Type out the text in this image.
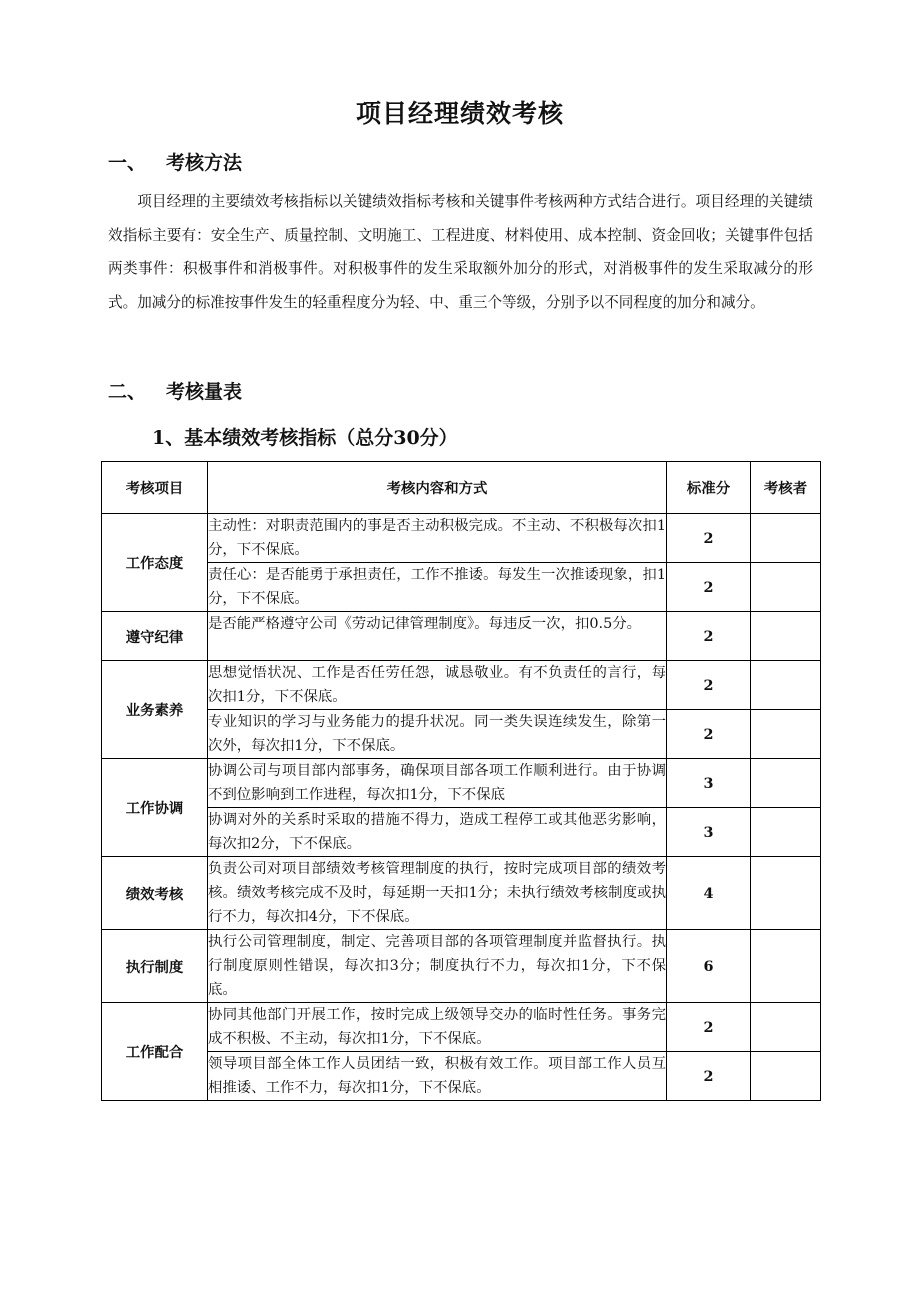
项目经理绩效考核
一、 考核方法

项目经理的主要绩效考核指标以关键绩效指标考核和关键事件考核两种方式结合进行。项目经理的关键绩效指标主要有：安全生产、质量控制、文明施工、工程进度、材料使用、成本控制、资金回收；关键事件包括两类事件：积极事件和消极事件。对积极事件的发生采取额外加分的形式，对消极事件的发生采取减分的形式。加减分的标准按事件发生的轻重程度分为轻、中、重三个等级，分别予以不同程度的加分和减分。

二、 考核量表
1、基本绩效考核指标（总分30分）
考核项目	考核内容和方式	标准分	考核者
工作态度	主动性：对职责范围内的事是否主动积极完成。不主动、不积极每次扣1分，下不保底。	2	
	责任心：是否能勇于承担责任，工作不推诿。每发生一次推诿现象，扣1分，下不保底。	2	
遵守纪律	是否能严格遵守公司《劳动记律管理制度》。每违反一次，扣0.5分。	2	
业务素养	思想觉悟状况、工作是否任劳任怨，诚恳敬业。有不负责任的言行，每次扣1分，下不保底。	2	
	专业知识的学习与业务能力的提升状况。同一类失误连续发生，除第一次外，每次扣1分，下不保底。	2	
工作协调	协调公司与项目部内部事务，确保项目部各项工作顺利进行。由于协调不到位影响到工作进程，每次扣1分，下不保底	3	
	协调对外的关系时采取的措施不得力，造成工程停工或其他恶劣影响，每次扣2分，下不保底。	3	
绩效考核	负责公司对项目部绩效考核管理制度的执行，按时完成项目部的绩效考核。绩效考核完成不及时，每延期一天扣1分；未执行绩效考核制度或执行不力，每次扣4分，下不保底。	4	
执行制度	执行公司管理制度，制定、完善项目部的各项管理制度并监督执行。执行制度原则性错误，每次扣3分；制度执行不力，每次扣1分，下不保底。	6	
工作配合	协同其他部门开展工作，按时完成上级领导交办的临时性任务。事务完成不积极、不主动，每次扣1分，下不保底。	2	
	领导项目部全体工作人员团结一致，积极有效工作。项目部工作人员互相推诿、工作不力，每次扣1分，下不保底。	2	
